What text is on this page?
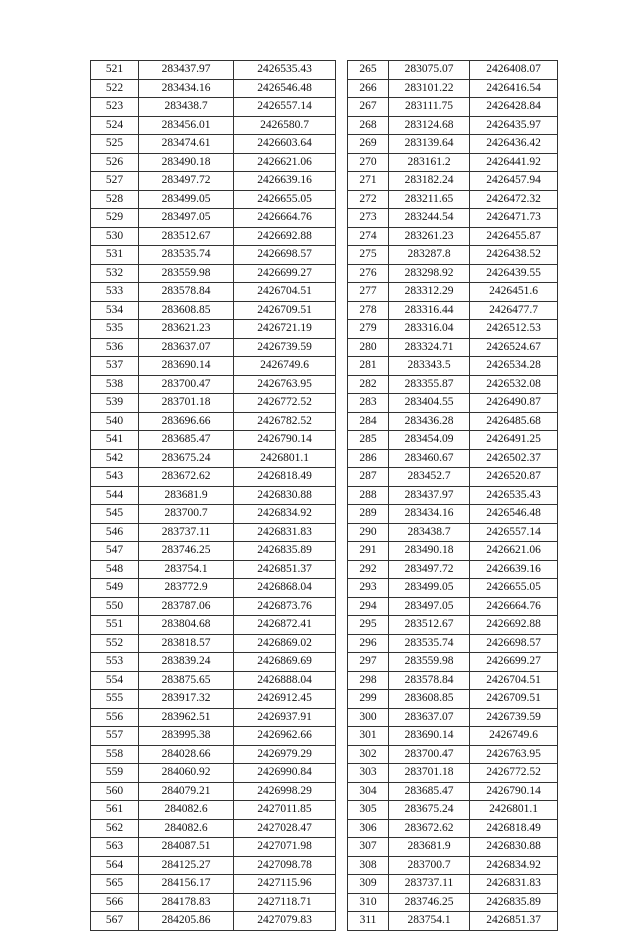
521	283437.97	2426535.43
522	283434.16	2426546.48
523	283438.7	2426557.14
524	283456.01	2426580.7
525	283474.61	2426603.64
526	283490.18	2426621.06
527	283497.72	2426639.16
528	283499.05	2426655.05
529	283497.05	2426664.76
530	283512.67	2426692.88
531	283535.74	2426698.57
532	283559.98	2426699.27
533	283578.84	2426704.51
534	283608.85	2426709.51
535	283621.23	2426721.19
536	283637.07	2426739.59
537	283690.14	2426749.6
538	283700.47	2426763.95
539	283701.18	2426772.52
540	283696.66	2426782.52
541	283685.47	2426790.14
542	283675.24	2426801.1
543	283672.62	2426818.49
544	283681.9	2426830.88
545	283700.7	2426834.92
546	283737.11	2426831.83
547	283746.25	2426835.89
548	283754.1	2426851.37
549	283772.9	2426868.04
550	283787.06	2426873.76
551	283804.68	2426872.41
552	283818.57	2426869.02
553	283839.24	2426869.69
554	283875.65	2426888.04
555	283917.32	2426912.45
556	283962.51	2426937.91
557	283995.38	2426962.66
558	284028.66	2426979.29
559	284060.92	2426990.84
560	284079.21	2426998.29
561	284082.6	2427011.85
562	284082.6	2427028.47
563	284087.51	2427071.98
564	284125.27	2427098.78
565	284156.17	2427115.96
566	284178.83	2427118.71
567	284205.86	2427079.83
265	283075.07	2426408.07
266	283101.22	2426416.54
267	283111.75	2426428.84
268	283124.68	2426435.97
269	283139.64	2426436.42
270	283161.2	2426441.92
271	283182.24	2426457.94
272	283211.65	2426472.32
273	283244.54	2426471.73
274	283261.23	2426455.87
275	283287.8	2426438.52
276	283298.92	2426439.55
277	283312.29	2426451.6
278	283316.44	2426477.7
279	283316.04	2426512.53
280	283324.71	2426524.67
281	283343.5	2426534.28
282	283355.87	2426532.08
283	283404.55	2426490.87
284	283436.28	2426485.68
285	283454.09	2426491.25
286	283460.67	2426502.37
287	283452.7	2426520.87
288	283437.97	2426535.43
289	283434.16	2426546.48
290	283438.7	2426557.14
291	283490.18	2426621.06
292	283497.72	2426639.16
293	283499.05	2426655.05
294	283497.05	2426664.76
295	283512.67	2426692.88
296	283535.74	2426698.57
297	283559.98	2426699.27
298	283578.84	2426704.51
299	283608.85	2426709.51
300	283637.07	2426739.59
301	283690.14	2426749.6
302	283700.47	2426763.95
303	283701.18	2426772.52
304	283685.47	2426790.14
305	283675.24	2426801.1
306	283672.62	2426818.49
307	283681.9	2426830.88
308	283700.7	2426834.92
309	283737.11	2426831.83
310	283746.25	2426835.89
311	283754.1	2426851.37
